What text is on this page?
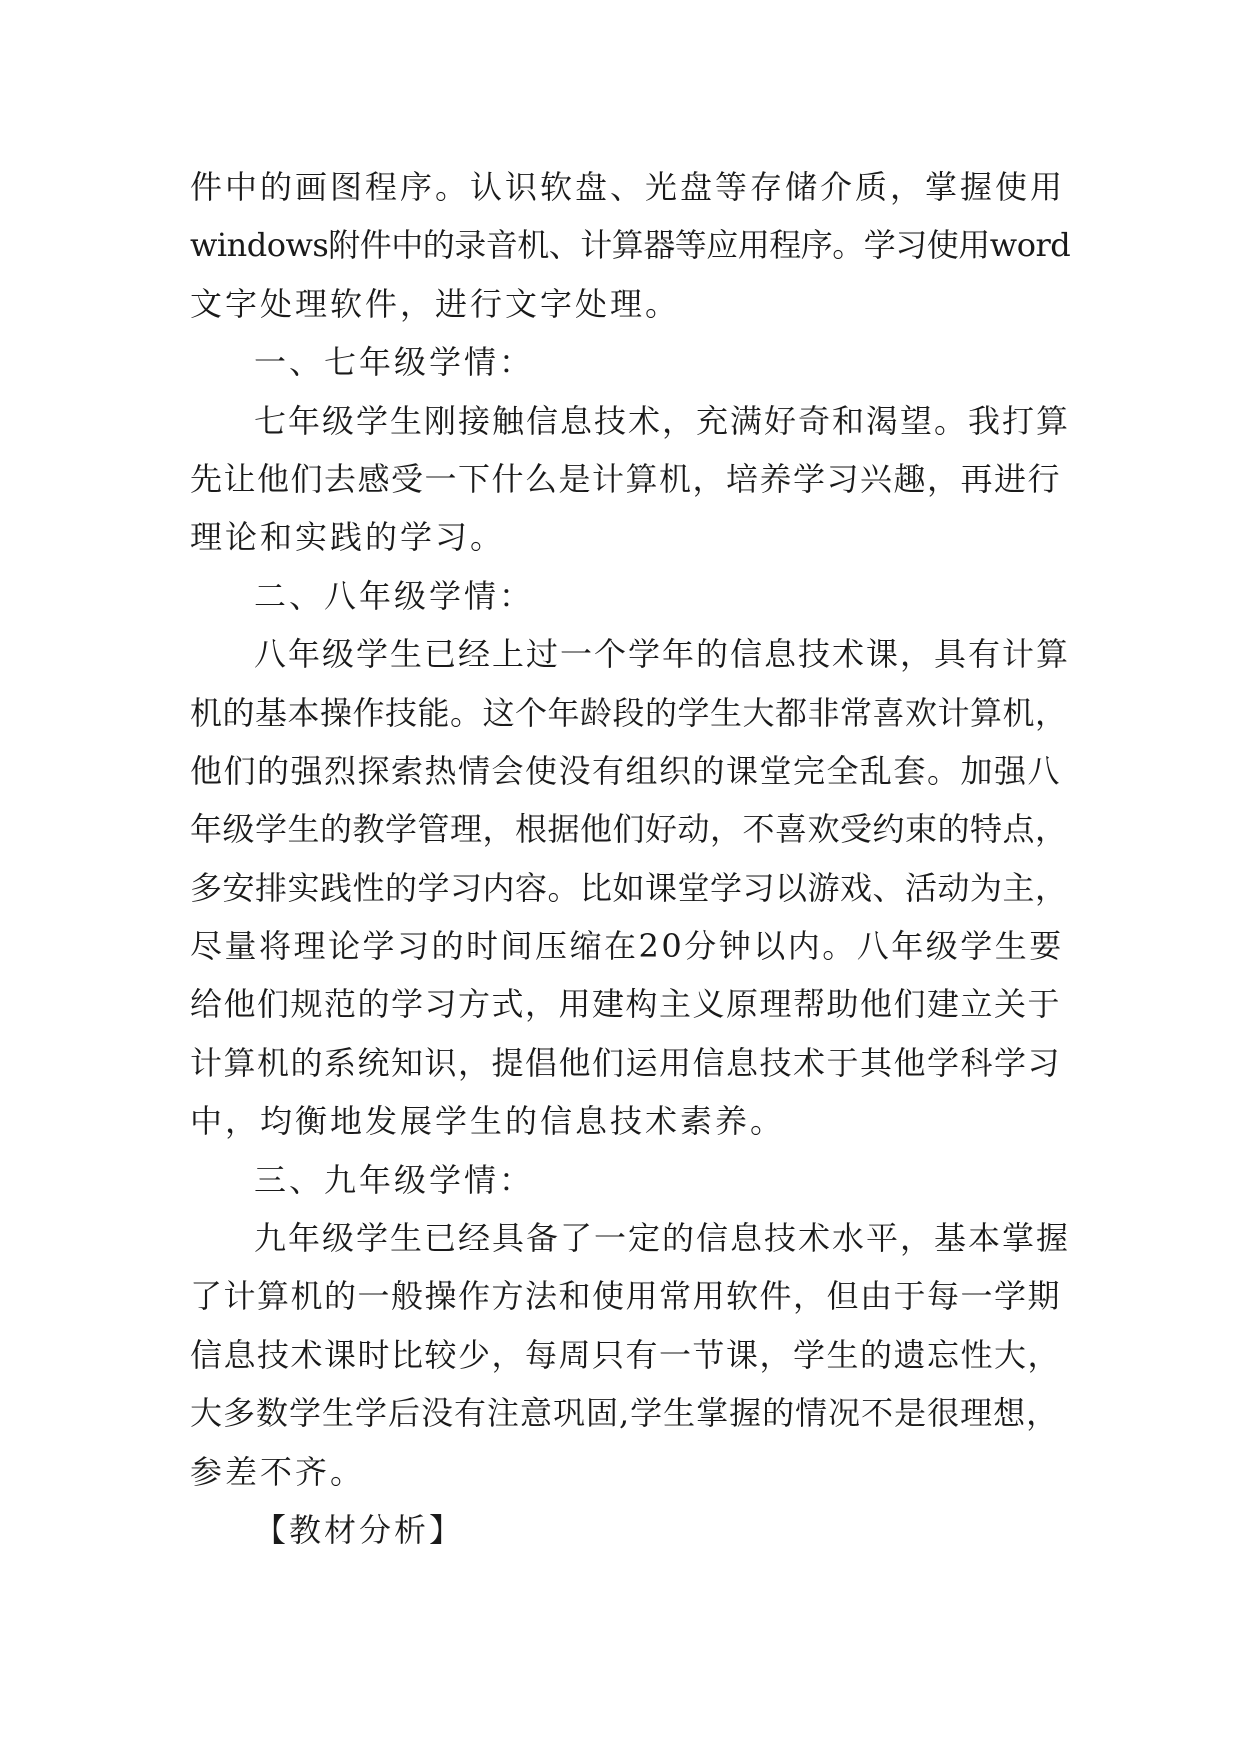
件中的画图程序。认识软盘、光盘等存储介质，掌握使用
windows附件中的录音机、计算器等应用程序。学习使用word
文字处理软件，进行文字处理。
一、七年级学情：
七年级学生刚接触信息技术，充满好奇和渴望。我打算
先让他们去感受一下什么是计算机，培养学习兴趣，再进行
理论和实践的学习。
二、八年级学情：
八年级学生已经上过一个学年的信息技术课，具有计算
机的基本操作技能。这个年龄段的学生大都非常喜欢计算机，
他们的强烈探索热情会使没有组织的课堂完全乱套。加强八
年级学生的教学管理，根据他们好动，不喜欢受约束的特点，
多安排实践性的学习内容。比如课堂学习以游戏、活动为主，
尽量将理论学习的时间压缩在20分钟以内。八年级学生要
给他们规范的学习方式，用建构主义原理帮助他们建立关于
计算机的系统知识，提倡他们运用信息技术于其他学科学习
中，均衡地发展学生的信息技术素养。
三、九年级学情：
九年级学生已经具备了一定的信息技术水平，基本掌握
了计算机的一般操作方法和使用常用软件，但由于每一学期
信息技术课时比较少，每周只有一节课，学生的遗忘性大，
大多数学生学后没有注意巩固,学生掌握的情况不是很理想，
参差不齐。
【教材分析】
